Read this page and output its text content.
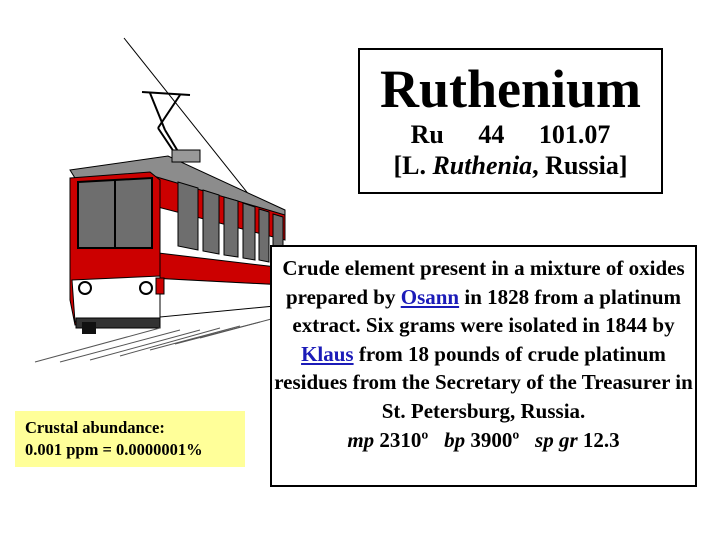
Ruthenium
Ru 44 101.07
[L. Ruthenia, Russia]
Crude element present in a mixture of oxides prepared by Osann in 1828 from a platinum extract. Six grams were isolated in 1844 by Klaus from 18 pounds of crude platinum residues from the Secretary of the Treasurer in St. Petersburg, Russia.
mp 2310º bp 3900º sp gr 12.3
Crustal abundance:
0.001 ppm = 0.0000001%
